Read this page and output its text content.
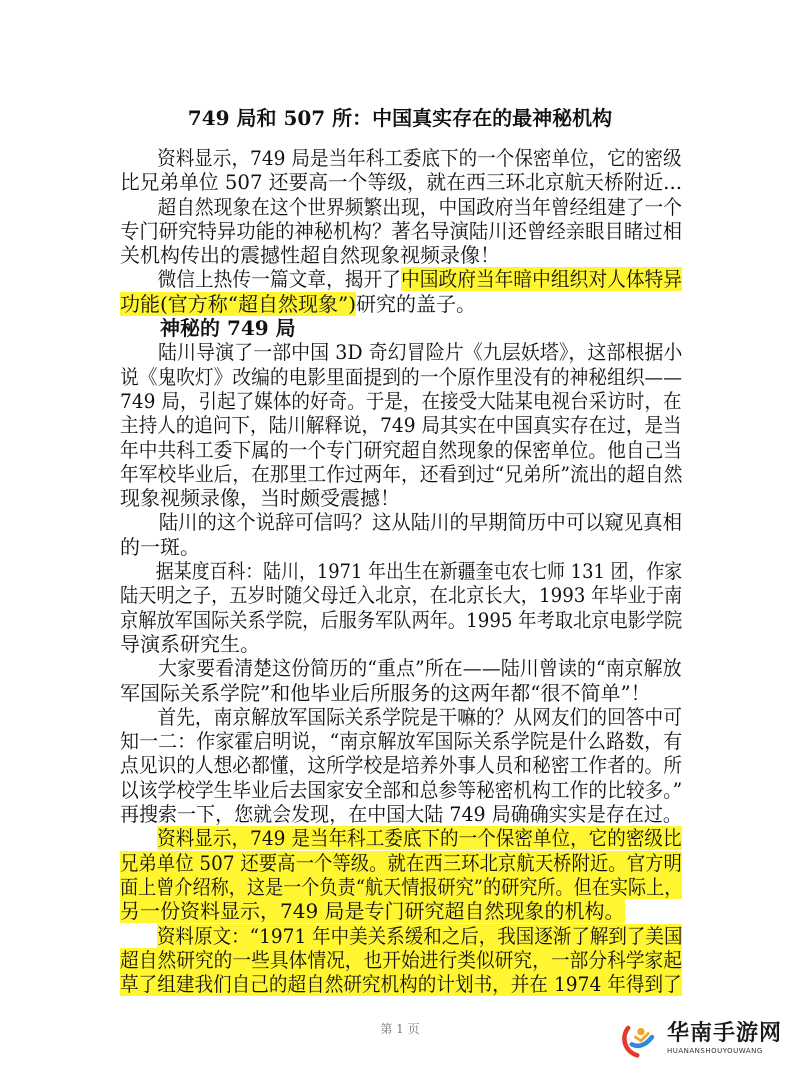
749 局和 507 所：中国真实存在的最神秘机构
资料显示，749 局是当年科工委底下的一个保密单位，它的密级
比兄弟单位 507 还要高一个等级，就在西三环北京航天桥附近...
超自然现象在这个世界频繁出现，中国政府当年曾经组建了一个
专门研究特异功能的神秘机构？著名导演陆川还曾经亲眼目睹过相
关机构传出的震撼性超自然现象视频录像！
微信上热传一篇文章，揭开了中国政府当年暗中组织对人体特异
功能(官方称“超自然现象”)研究的盖子。
神秘的 749 局
陆川导演了一部中国 3D 奇幻冒险片《九层妖塔》，这部根据小
说《鬼吹灯》改编的电影里面提到的一个原作里没有的神秘组织——
749 局，引起了媒体的好奇。于是，在接受大陆某电视台采访时，在
主持人的追问下，陆川解释说，749 局其实在中国真实存在过，是当
年中共科工委下属的一个专门研究超自然现象的保密单位。他自己当
年军校毕业后，在那里工作过两年，还看到过“兄弟所”流出的超自然
现象视频录像，当时颇受震撼！
陆川的这个说辞可信吗？这从陆川的早期简历中可以窥见真相
的一斑。
据某度百科：陆川，1971 年出生在新疆奎屯农七师 131 团，作家
陆天明之子，五岁时随父母迁入北京，在北京长大，1993 年毕业于南
京解放军国际关系学院，后服务军队两年。1995 年考取北京电影学院
导演系研究生。
大家要看清楚这份简历的“重点”所在——陆川曾读的“南京解放
军国际关系学院”和他毕业后所服务的这两年都“很不简单”！
首先，南京解放军国际关系学院是干嘛的？从网友们的回答中可
知一二：作家霍启明说，“南京解放军国际关系学院是什么路数，有
点见识的人想必都懂，这所学校是培养外事人员和秘密工作者的。所
以该学校学生毕业后去国家安全部和总参等秘密机构工作的比较多。”
再搜索一下，您就会发现，在中国大陆 749 局确确实实是存在过。
资料显示，749 是当年科工委底下的一个保密单位，它的密级比
兄弟单位 507 还要高一个等级。就在西三环北京航天桥附近。官方明
面上曾介绍称，这是一个负责“航天情报研究”的研究所。但在实际上，
另一份资料显示，749 局是专门研究超自然现象的机构。
资料原文：“1971 年中美关系缓和之后，我国逐渐了解到了美国
超自然研究的一些具体情况，也开始进行类似研究，一部分科学家起
草了组建我们自己的超自然研究机构的计划书，并在 1974 年得到了
第 1 页	华南手游网
HUANANSHOUYOUWANG
